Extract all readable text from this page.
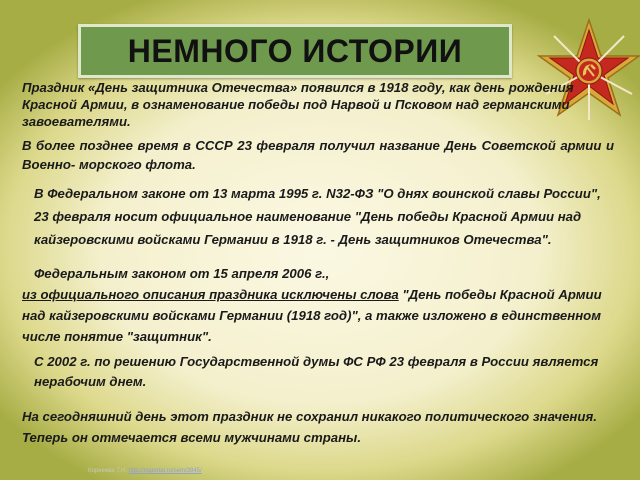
НЕМНОГО ИСТОРИИ

Праздник «День защитника Отечества» появился в 1918 году, как день рождения Красной Армии, в ознаменование победы под Нарвой и Псковом над германскими завоевателями.

В более позднее время в СССР 23 февраля получил название День Советской армии и Военно- морского флота.

В Федеральном законе от 13 марта 1995 г. N32-ФЗ "О днях воинской славы России", 23 февраля носит официальное наименование "День победы Красной Армии над кайзеровскими войсками Германии в 1918 г. - День защитников Отечества".

Федеральным законом от 15 апреля 2006 г.,
из официального описания праздника исключены слова "День победы Красной Армии над кайзеровскими войсками Германии (1918 год)", а также изложено в единственном числе понятие "защитник".

С 2002 г. по решению Государственной думы ФС РФ 23 февраля в России является нерабочим днем.

На сегодняшний день этот праздник не сохранил никакого политического значения. Теперь он отмечается всеми мужчинами страны.

Корнеева Т.Н. http://nsportal.ru/sem/3945/
